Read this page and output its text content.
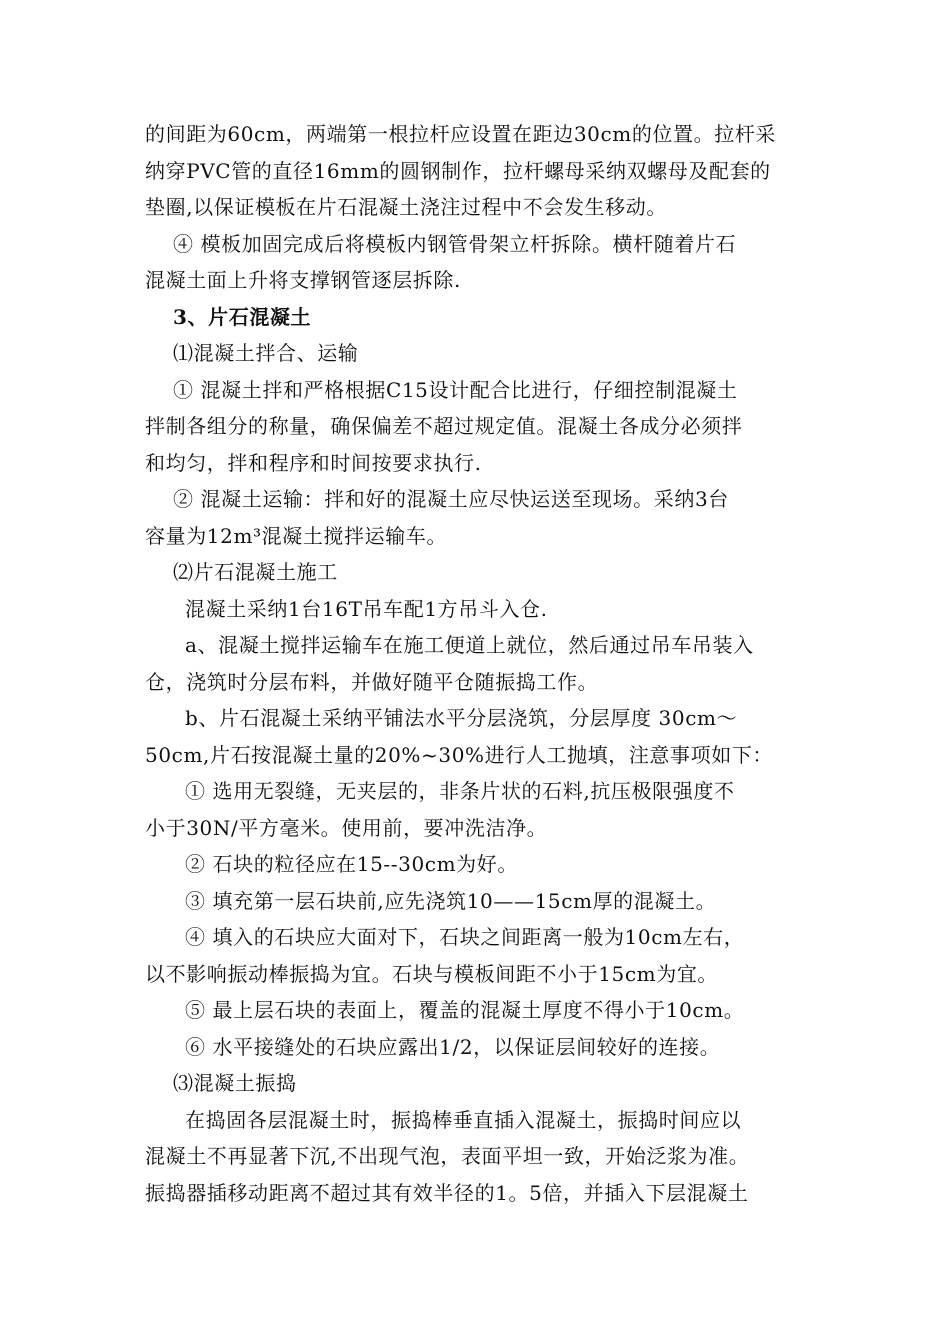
的间距为60cm，两端第一根拉杆应设置在距边30cm的位置。拉杆采
纳穿PVC管的直径16mm的圆钢制作，拉杆螺母采纳双螺母及配套的
垫圈,以保证模板在片石混凝土浇注过程中不会发生移动。
④ 模板加固完成后将模板内钢管骨架立杆拆除。横杆随着片石
混凝土面上升将支撑钢管逐层拆除.
3、片石混凝土
⑴混凝土拌合、运输
① 混凝土拌和严格根据C15设计配合比进行，仔细控制混凝土
拌制各组分的称量，确保偏差不超过规定值。混凝土各成分必须拌
和均匀，拌和程序和时间按要求执行.
② 混凝土运输：拌和好的混凝土应尽快运送至现场。采纳3台
容量为12m³混凝土搅拌运输车。
⑵片石混凝土施工
混凝土采纳1台16T吊车配1方吊斗入仓.
a、混凝土搅拌运输车在施工便道上就位，然后通过吊车吊装入
仓，浇筑时分层布料，并做好随平仓随振捣工作。
b、片石混凝土采纳平铺法水平分层浇筑，分层厚度 30cm～
50cm,片石按混凝土量的20%~30%进行人工抛填，注意事项如下：
① 选用无裂缝，无夹层的，非条片状的石料,抗压极限强度不
小于30N/平方毫米。使用前，要冲洗洁净。
② 石块的粒径应在15--30cm为好。
③ 填充第一层石块前,应先浇筑10——15cm厚的混凝土。
④ 填入的石块应大面对下，石块之间距离一般为10cm左右，
以不影响振动棒振捣为宜。石块与模板间距不小于15cm为宜。
⑤ 最上层石块的表面上，覆盖的混凝土厚度不得小于10cm。
⑥ 水平接缝处的石块应露出1/2，以保证层间较好的连接。
⑶混凝土振捣
在捣固各层混凝土时，振捣棒垂直插入混凝土，振捣时间应以
混凝土不再显著下沉,不出现气泡，表面平坦一致，开始泛浆为准。
振捣器插移动距离不超过其有效半径的1。5倍，并插入下层混凝土
